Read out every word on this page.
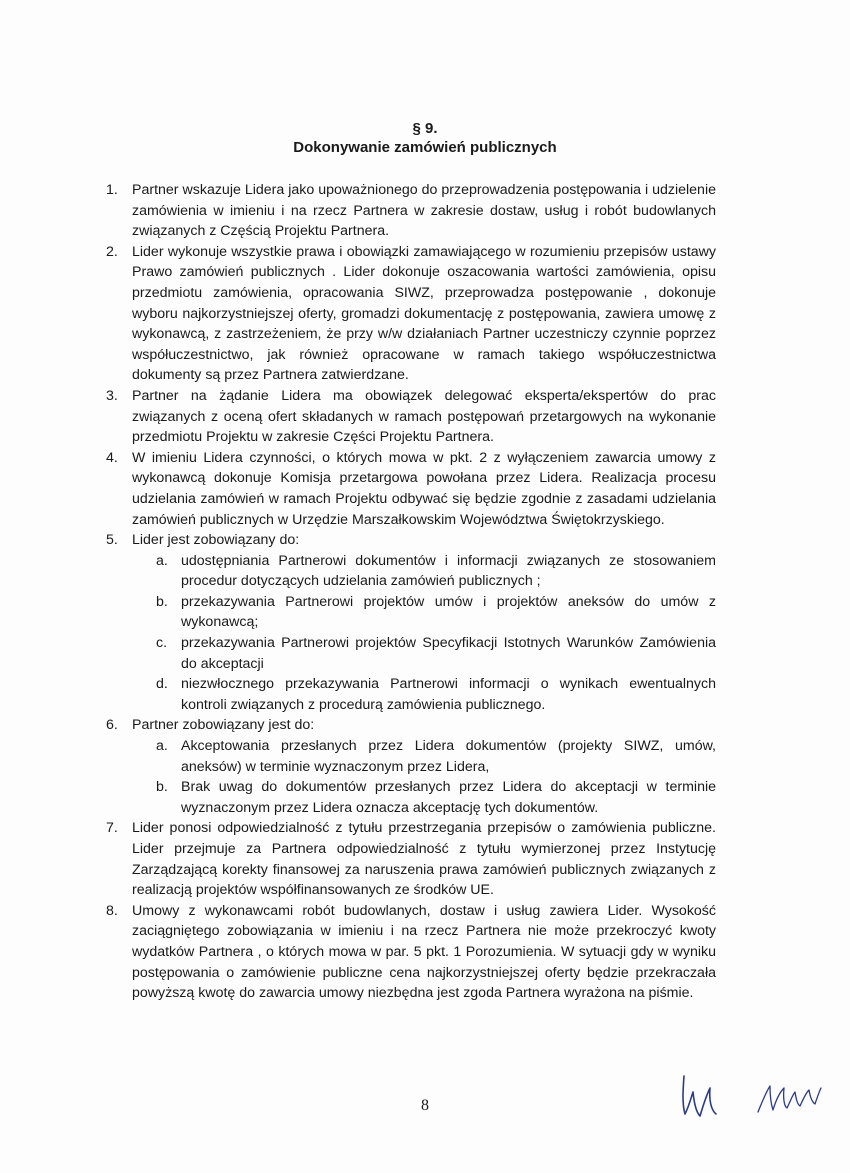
§ 9.
Dokonywanie zamówień publicznych
1. Partner wskazuje Lidera jako upoważnionego do przeprowadzenia postępowania i udzielenie zamówienia w imieniu i na rzecz Partnera w zakresie dostaw, usług i robót budowlanych związanych z Częścią Projektu Partnera.
2. Lider wykonuje wszystkie prawa i obowiązki zamawiającego w rozumieniu przepisów ustawy Prawo zamówień publicznych . Lider dokonuje oszacowania wartości zamówienia, opisu przedmiotu zamówienia, opracowania SIWZ, przeprowadza postępowanie , dokonuje wyboru najkorzystniejszej oferty, gromadzi dokumentację z postępowania, zawiera umowę z wykonawcą, z zastrzeżeniem, że przy w/w działaniach Partner uczestniczy czynnie poprzez współuczestnictwo, jak również opracowane w ramach takiego współuczestnictwa dokumenty są przez Partnera zatwierdzane.
3. Partner na żądanie Lidera ma obowiązek delegować eksperta/ekspertów do prac związanych z oceną ofert składanych w ramach postępowań przetargowych na wykonanie przedmiotu Projektu w zakresie Części Projektu Partnera.
4. W imieniu Lidera czynności, o których mowa w pkt. 2 z wyłączeniem zawarcia umowy z wykonawcą dokonuje Komisja przetargowa powołana przez Lidera. Realizacja procesu udzielania zamówień w ramach Projektu odbywać się będzie zgodnie z zasadami udzielania zamówień publicznych w Urzędzie Marszałkowskim Województwa Świętokrzyskiego.
5. Lider jest zobowiązany do:
a. udostępniania Partnerowi dokumentów i informacji związanych ze stosowaniem procedur dotyczących udzielania zamówień publicznych ;
b. przekazywania Partnerowi projektów umów i projektów aneksów do umów z wykonawcą;
c. przekazywania Partnerowi projektów Specyfikacji Istotnych Warunków Zamówienia do akceptacji
d. niezwłocznego przekazywania Partnerowi informacji o wynikach ewentualnych kontroli związanych z procedurą zamówienia publicznego.
6. Partner zobowiązany jest do:
a. Akceptowania przesłanych przez Lidera dokumentów (projekty SIWZ, umów, aneksów) w terminie wyznaczonym przez Lidera,
b. Brak uwag do dokumentów przesłanych przez Lidera do akceptacji w terminie wyznaczonym przez Lidera oznacza akceptację tych dokumentów.
7. Lider ponosi odpowiedzialność z tytułu przestrzegania przepisów o zamówienia publiczne. Lider przejmuje za Partnera odpowiedzialność z tytułu wymierzonej przez Instytucję Zarządzającą korekty finansowej za naruszenia prawa zamówień publicznych związanych z realizacją projektów współfinansowanych ze środków UE.
8. Umowy z wykonawcami robót budowlanych, dostaw i usług zawiera Lider. Wysokość zaciągniętego zobowiązania w imieniu i na rzecz Partnera nie może przekroczyć kwoty wydatków Partnera , o których mowa w par. 5 pkt. 1 Porozumienia. W sytuacji gdy w wyniku postępowania o zamówienie publiczne cena najkorzystniejszej oferty będzie przekraczała powyższą kwotę do zawarcia umowy niezbędna jest zgoda Partnera wyrażona na piśmie.
8
